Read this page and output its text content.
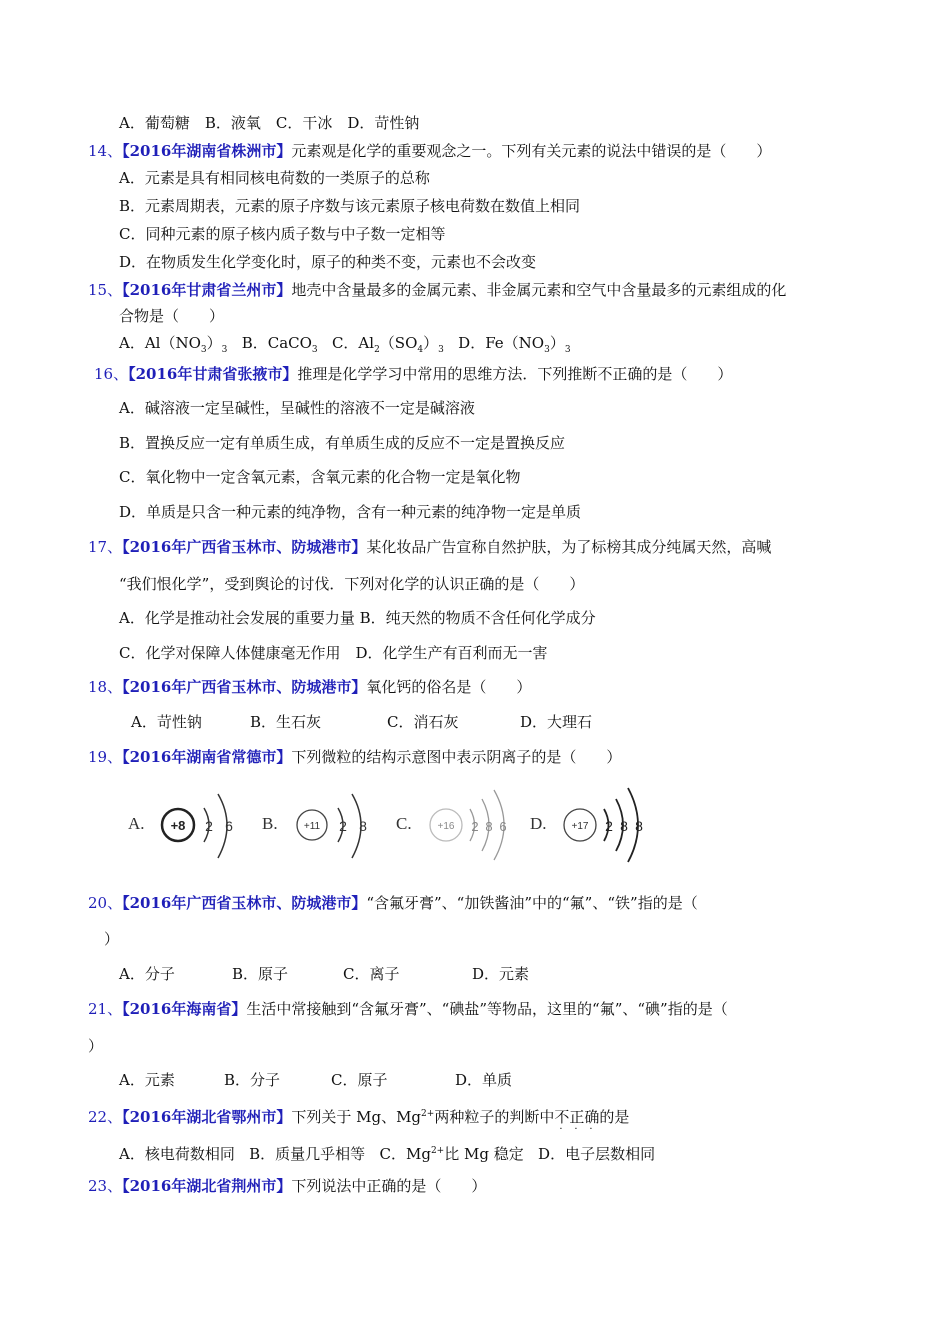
A．葡萄糖　B．液氧　C．干冰　D．苛性钠
14、【2016年湖南省株洲市】元素观是化学的重要观念之一。下列有关元素的说法中错误的是（　　）
A．元素是具有相同核电荷数的一类原子的总称
B．元素周期表，元素的原子序数与该元素原子核电荷数在数值上相同
C．同种元素的原子核内质子数与中子数一定相等
D．在物质发生化学变化时，原子的种类不变，元素也不会改变
15、【2016年甘肃省兰州市】地壳中含量最多的金属元素、非金属元素和空气中含量最多的元素组成的化
合物是（　　）
A．$Al(NO_3)_3$ B．CaCO$_3$ C．$Al_2(SO_4)_3$ D．$Fe(NO_3)_3$
16、【2016年甘肃省张掖市】推理是化学学习中常用的思维方法．下列推断不正确的是（　　）
A．碱溶液一定呈碱性，呈碱性的溶液不一定是碱溶液
B．置换反应一定有单质生成，有单质生成的反应不一定是置换反应
C．氧化物中一定含氧元素，含氧元素的化合物一定是氧化物
D．单质是只含一种元素的纯净物，含有一种元素的纯净物一定是单质
17、【2016年广西省玉林市、防城港市】某化妆品广告宣称自然护肤，为了标榜其成分纯属天然，高喊
“我们恨化学”，受到舆论的讨伐．下列对化学的认识正确的是（　　）
A．化学是推动社会发展的重要力量 B．纯天然的物质不含任何化学成分
C．化学对保障人体健康毫无作用　D．化学生产有百利而无一害
18、【2016年广西省玉林市、防城港市】氧化钙的俗名是（　　）
A．苛性钠	B．生石灰	C．消石灰	D．大理石
19、【2016年湖南省常德市】下列微粒的结构示意图中表示阴离子的是（　　）
A. +8 2 6 B.	+11 2 8 C.	+16 2 8 6 D. +17 2 8 8
20、【2016年广西省玉林市、防城港市】“含氟牙膏”、“加铁酱油”中的“氟”、“铁”指的是（
）
A．分子	B．原子	C．离子	D．元素
21、【2016年海南省】生活中常接触到“含氟牙膏”、“碘盐”等物品，这里的“氟”、“碘”指的是（
）
A．元素	B．分子	C．原子	D．单质
22、【2016年湖北省鄂州市】下列关于 Mg、$Mg^{2+}$两种粒子的判断中不
·
正
·
确
·
的是
A．核电荷数相同 B．质量几乎相等 C．$Mg^{2+}$比 Mg 稳定 D．电子层数相同
23、【2016年湖北省荆州市】下列说法中正确的是（　　）
